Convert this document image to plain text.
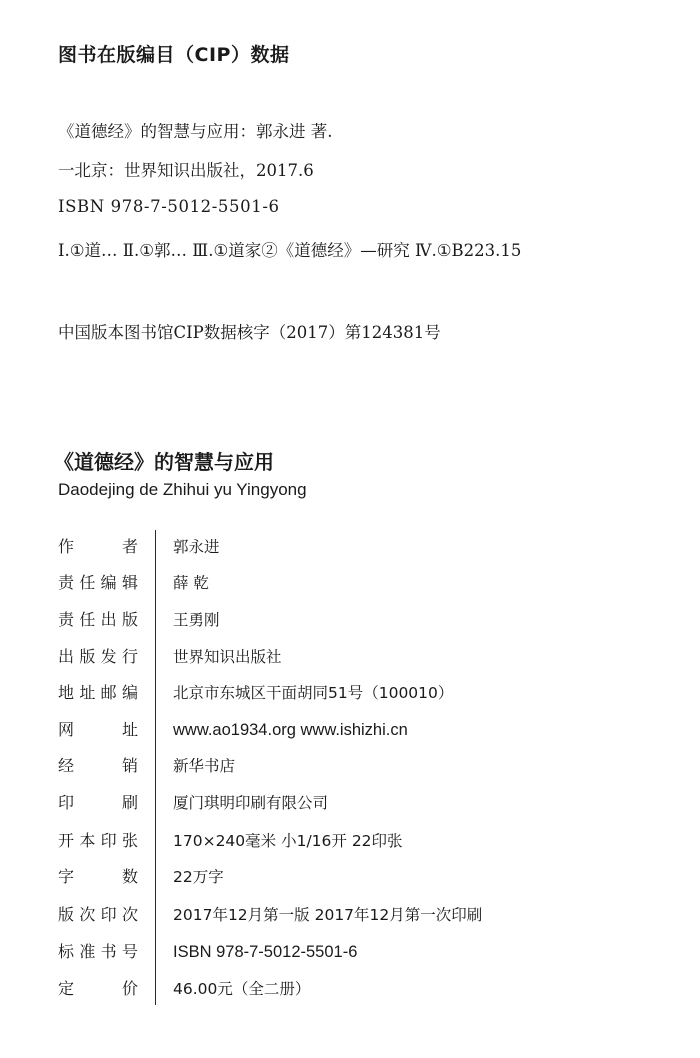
图书在版编目（CIP）数据
《道德经》的智慧与应用：郭永进 著.
一北京：世界知识出版社，2017.6
ISBN 978-7-5012-5501-6
Ⅰ.①道… Ⅱ.①郭… Ⅲ.①道家②《道德经》—研究 Ⅳ.①B223.15
中国版本图书馆CIP数据核字（2017）第124381号
《道德经》的智慧与应用
Daodejing de Zhihui yu Yingyong
作　　者 郭永进
责任编辑 薛 乾
责任出版 王勇刚
出版发行 世界知识出版社
地址邮编 北京市东城区干面胡同51号（100010）
网　　址 www.ao1934.org www.ishizhi.cn
经　　销 新华书店
印　　刷 厦门琪明印刷有限公司
开本印张 170×240毫米 小1/16开 22印张
字　　数 22万字
版次印次 2017年12月第一版 2017年12月第一次印刷
标准书号 ISBN 978-7-5012-5501-6
定　　价 46.00元（全二册）
